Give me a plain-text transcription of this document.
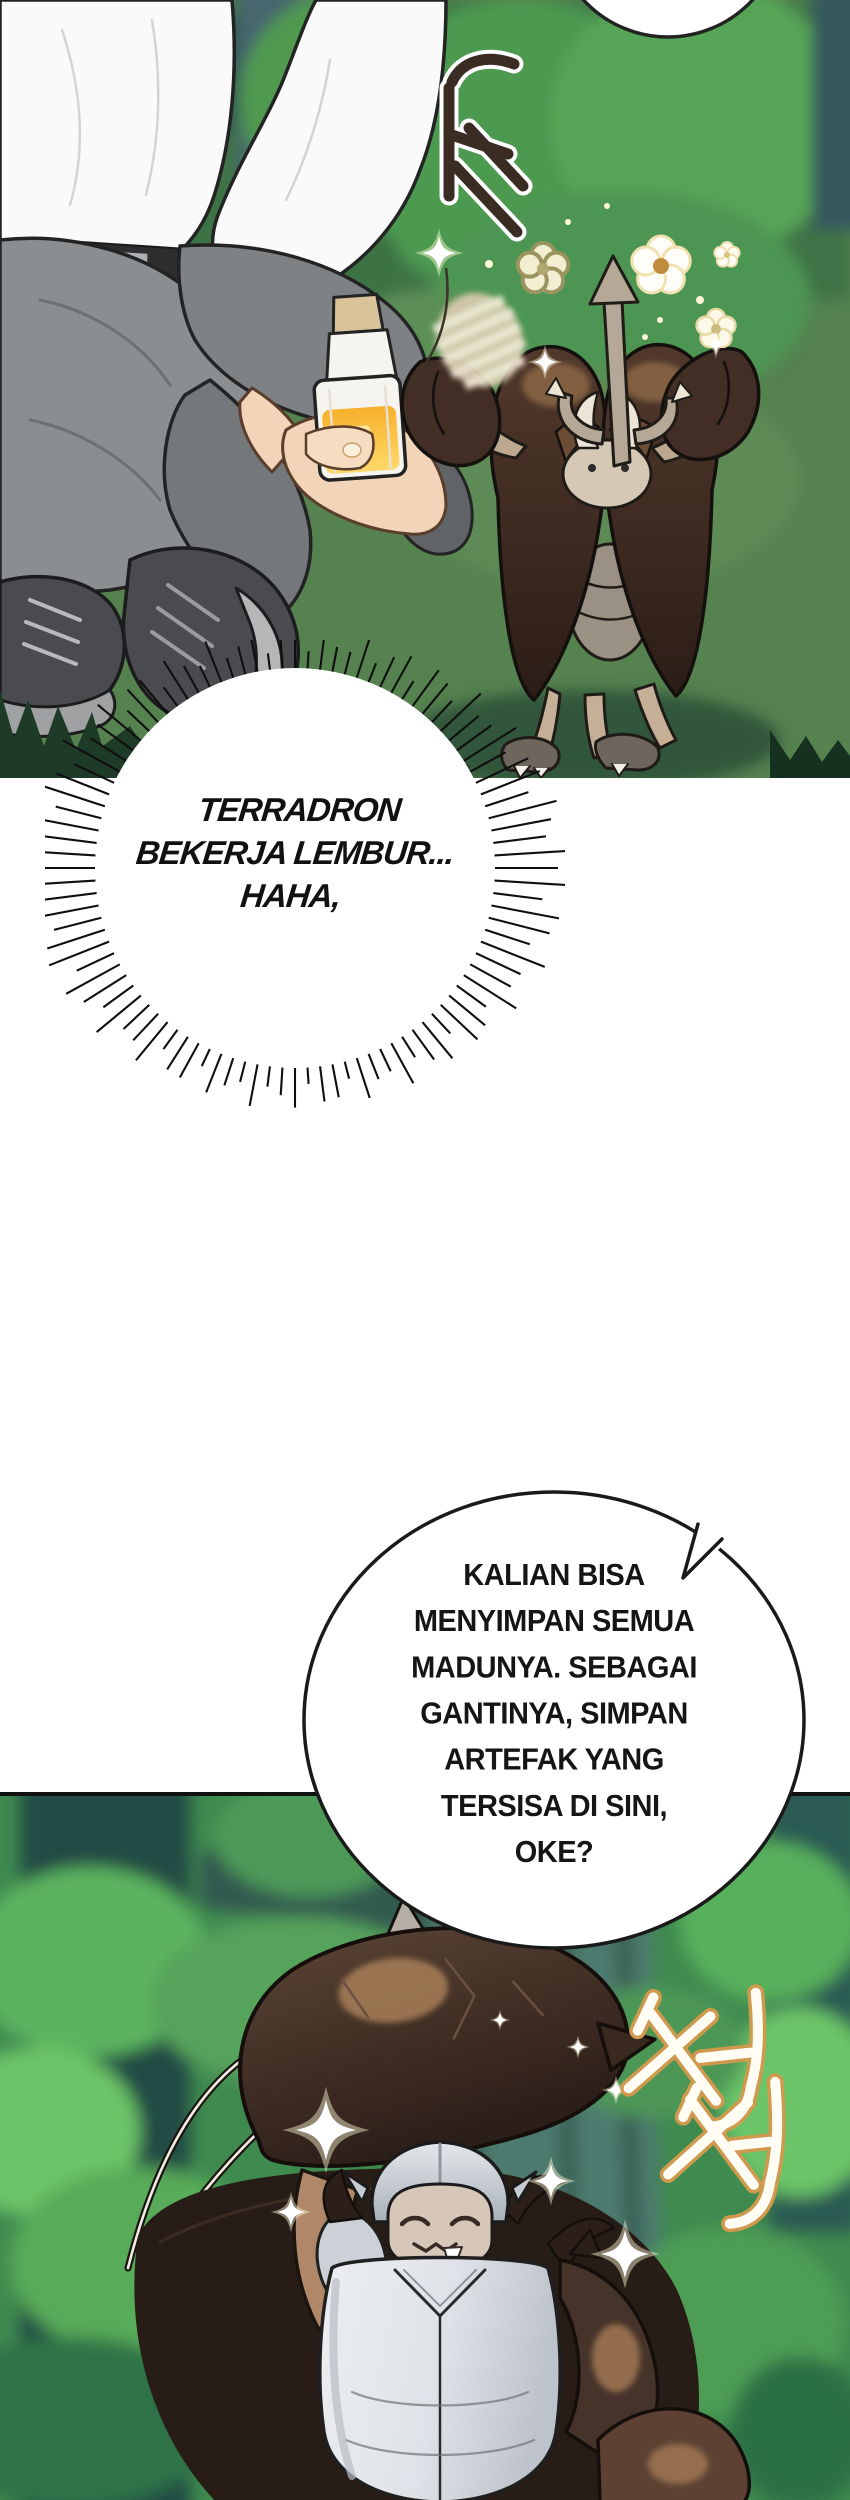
TERRADRON
BEKERJA LEMBUR...
HAHA,
KALIAN BISA
MENYIMPAN SEMUA
MADUNYA. SEBAGAI
GANTINYA, SIMPAN
ARTEFAK YANG
TERSISA DI SINI,
OKE?
